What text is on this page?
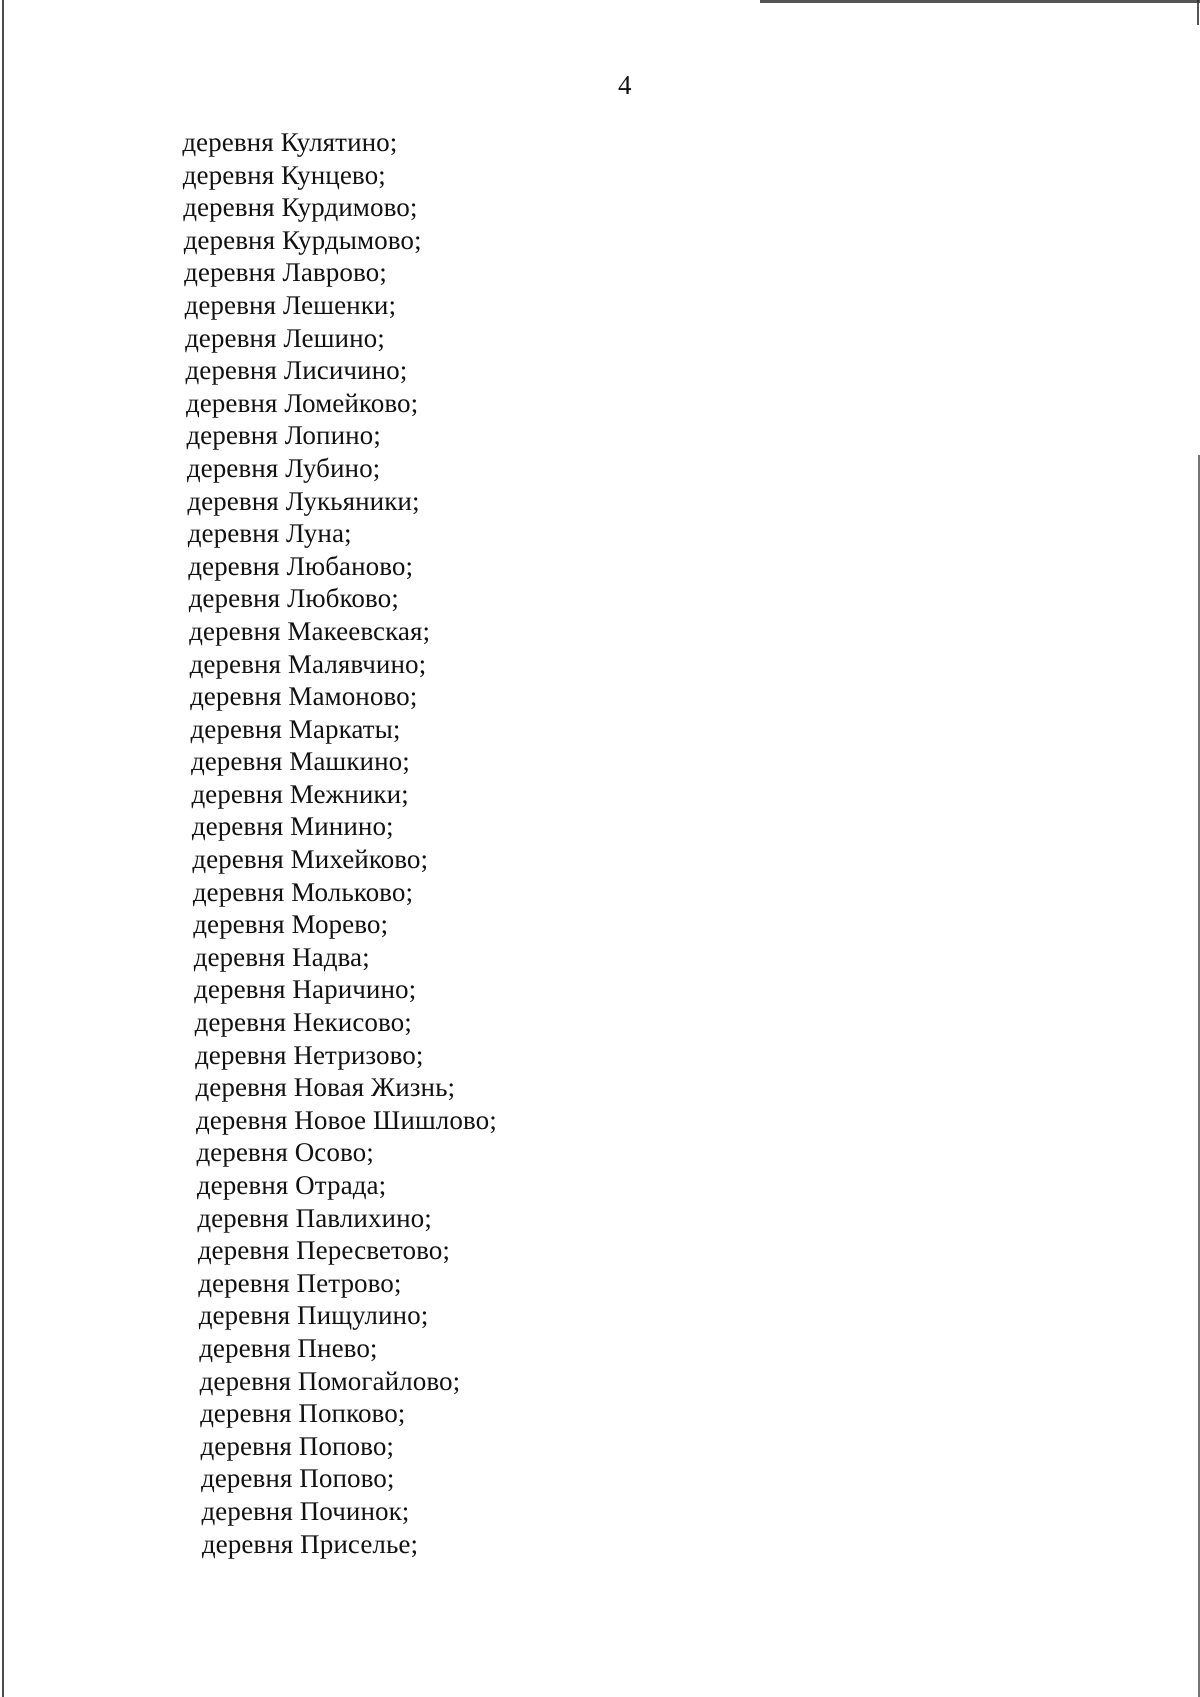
4
деревня Кулятино;
деревня Кунцево;
деревня Курдимово;
деревня Курдымово;
деревня Лаврово;
деревня Лешенки;
деревня Лешино;
деревня Лисичино;
деревня Ломейково;
деревня Лопино;
деревня Лубино;
деревня Лукьяники;
деревня Луна;
деревня Любаново;
деревня Любково;
деревня Макеевская;
деревня Малявчино;
деревня Мамоново;
деревня Маркаты;
деревня Машкино;
деревня Межники;
деревня Минино;
деревня Михейково;
деревня Мольково;
деревня Морево;
деревня Надва;
деревня Наричино;
деревня Некисово;
деревня Нетризово;
деревня Новая Жизнь;
деревня Новое Шишлово;
деревня Осово;
деревня Отрада;
деревня Павлихино;
деревня Пересветово;
деревня Петрово;
деревня Пищулино;
деревня Пнево;
деревня Помогайлово;
деревня Попково;
деревня Попово;
деревня Попово;
деревня Починок;
деревня Приселье;
